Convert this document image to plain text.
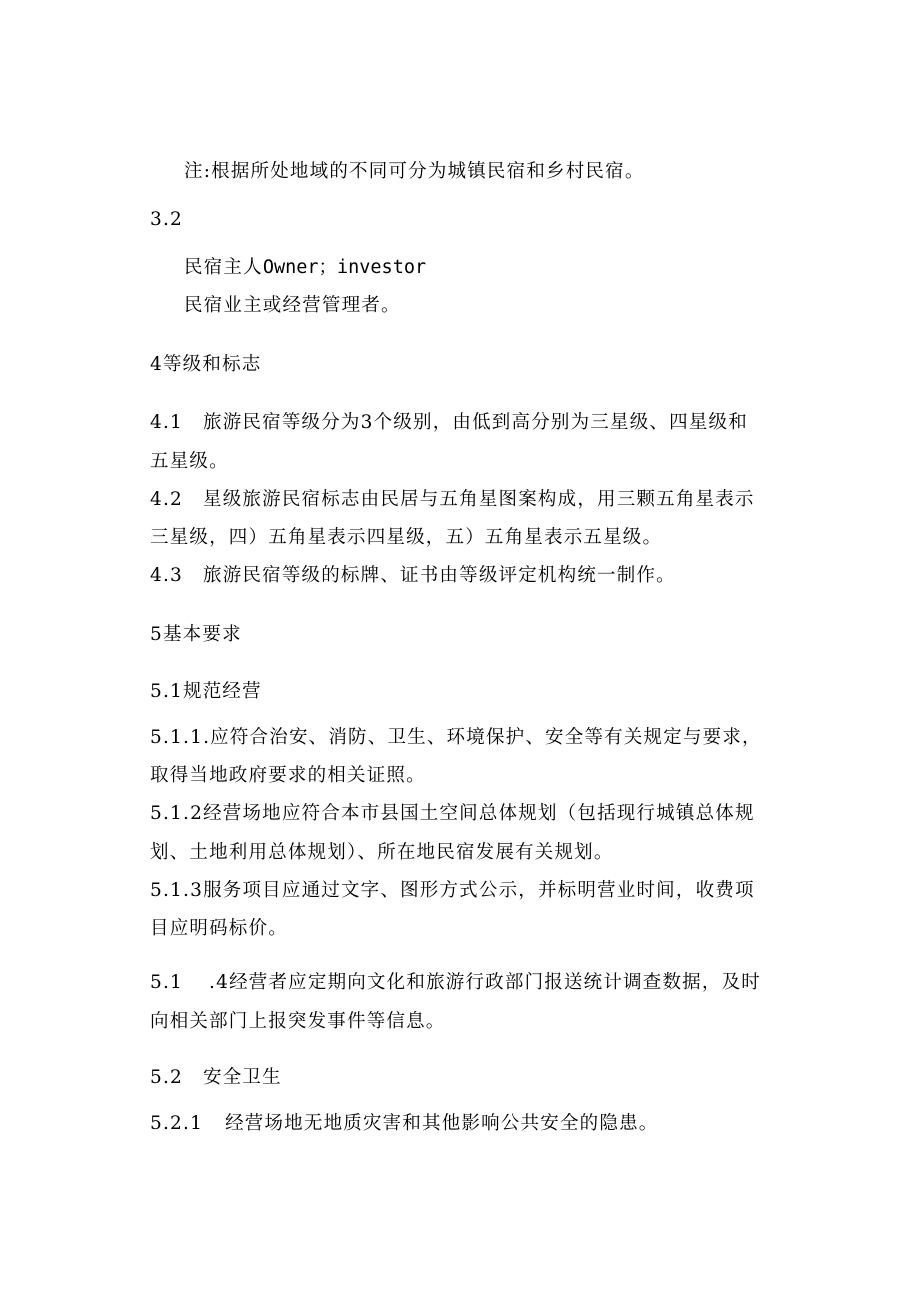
注:根据所处地域的不同可分为城镇民宿和乡村民宿。
3.2
民宿主人Owner；investor
民宿业主或经营管理者。
4等级和标志
4.1 旅游民宿等级分为3个级别，由低到高分别为三星级、四星级和
五星级。
4.2 星级旅游民宿标志由民居与五角星图案构成，用三颗五角星表示
三星级，四）五角星表示四星级，五）五角星表示五星级。
4.3 旅游民宿等级的标牌、证书由等级评定机构统一制作。
5基本要求
5.1规范经营
5.1.1.应符合治安、消防、卫生、环境保护、安全等有关规定与要求，
取得当地政府要求的相关证照。
5.1.2经营场地应符合本市县国土空间总体规划（包括现行城镇总体规
划、土地利用总体规划）、所在地民宿发展有关规划。
5.1.3服务项目应通过文字、图形方式公示，并标明营业时间，收费项
目应明码标价。
5.1 .4经营者应定期向文化和旅游行政部门报送统计调查数据，及时
向相关部门上报突发事件等信息。
5.2 安全卫生
5.2.1 经营场地无地质灾害和其他影响公共安全的隐患。
